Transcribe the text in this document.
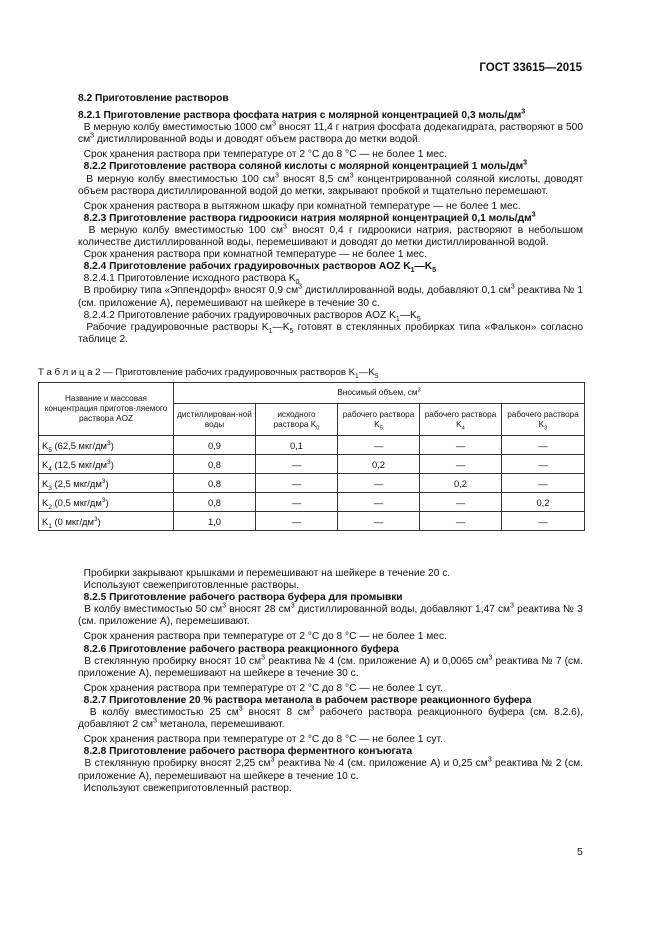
ГОСТ 33615—2015

8.2 Приготовление растворов

8.2.1 Приготовление раствора фосфата натрия с молярной концентрацией 0,3 моль/$дм^3$

В мерную колбу вместимостью 1000 $см^3$ вносят 11,4 г натрия фосфата додекагидрата, растворяют в 500 $см^3$ дистиллированной воды и доводят объем раствора до метки водой.

Срок хранения раствора при температуре от 2 °С до 8 °С — не более 1 мес.

8.2.2 Приготовление раствора соляной кислоты с молярной концентрацией 1 моль/$дм^3$

В мерную колбу вместимостью 100 $см^3$ вносят 8,5 $см^3$ концентрированной соляной кислоты, доводят объем раствора дистиллированной водой до метки, закрывают пробкой и тщательно перемешают.

Срок хранения раствора в вытяжном шкафу при комнатной температуре — не более 1 мес.

8.2.3 Приготовление раствора гидроокиси натрия молярной концентрацией 0,1 моль/$дм^3$

В мерную колбу вместимостью 100 $см^3$ вносят 0,4 г гидроокиси натрия, растворяют в небольшом количестве дистиллированной воды, перемешивают и доводят до метки дистиллированной водой.

Срок хранения раствора при комнатной температуре — не более 1 мес.

8.2.4 Приготовление рабочих градуировочных растворов AOZ $K_1—K_5$

8.2.4.1 Приготовление исходного раствора $K_0$

В пробирку типа «Эппендорф» вносят 0,9 $см^3$ дистиллированной воды, добавляют 0,1 $см^3$ реактива № 1 (см. приложение А), перемешивают на шейкере в течение 30 с.

8.2.4.2 Приготовление рабочих градуировочных растворов AOZ $K_1—K_5$

Рабочие градуировочные растворы $K_1—K_5$ готовят в стеклянных пробирках типа «Фалькон» согласно таблице 2.

Т а б л и ц а 2 — Приготовление рабочих градуировочных растворов $K_1—K_5$
Название и массовая концентрация приготов-ляемого раствора AOZ	Вносимый объем, $см^3$
	дистиллирован-ной воды	исходного раствора $K_0$	рабочего раствора $K_5$	рабочего раствора $K_4$	рабочего раствора $K_3$
$K_5$ (62,5 мкг/$дм^3$)	0,9	0,1	—	—	—
$K_4$ (12,5 мкг/$дм^3$)	0,8	—	0,2	—	—
$K_3$ (2,5 мкг/$дм^3$)	0,8	—	—	0,2	—
$K_2$ (0,5 мкг/$дм^3$)	0,8	—	—	—	0,2
$K_1$ (0 мкг/$дм^3$)	1,0	—	—	—	—

Пробирки закрывают крышками и перемешивают на шейкере в течение 20 с.

Используют свежеприготовленные растворы.

8.2.5 Приготовление рабочего раствора буфера для промывки

В колбу вместимостью 50 $см^3$ вносят 28 $см^3$ дистиллированной воды, добавляют 1,47 $см^3$ реактива № 3 (см. приложение А), перемешивают.

Срок хранения раствора при температуре от 2 °С до 8 °С — не более 1 мес.

8.2.6 Приготовление рабочего раствора реакционного буфера

В стеклянную пробирку вносят 10 $см^3$ реактива № 4 (см. приложение А) и 0,0065 $см^3$ реактива № 7 (см. приложение А), перемешивают на шейкере в течение 30 с.

Срок хранения раствора при температуре от 2 °С до 8 °С — не более 1 сут.

8.2.7 Приготовление 20 % раствора метанола в рабочем растворе реакционного буфера

В колбу вместимостью 25 $см^3$ вносят 8 $см^3$ рабочего раствора реакционного буфера (см. 8.2.6), добавляют 2 $см^3$ метанола, перемешивают.

Срок хранения раствора при температуре от 2 °С до 8 °С — не более 1 сут.

8.2.8 Приготовление рабочего раствора ферментного конъюгата

В стеклянную пробирку вносят 2,25 $см^3$ реактива № 4 (см. приложение А) и 0,25 $см^3$ реактива № 2 (см. приложение А), перемешивают на шейкере в течение 10 с.

Используют свежеприготовленный раствор.

5
